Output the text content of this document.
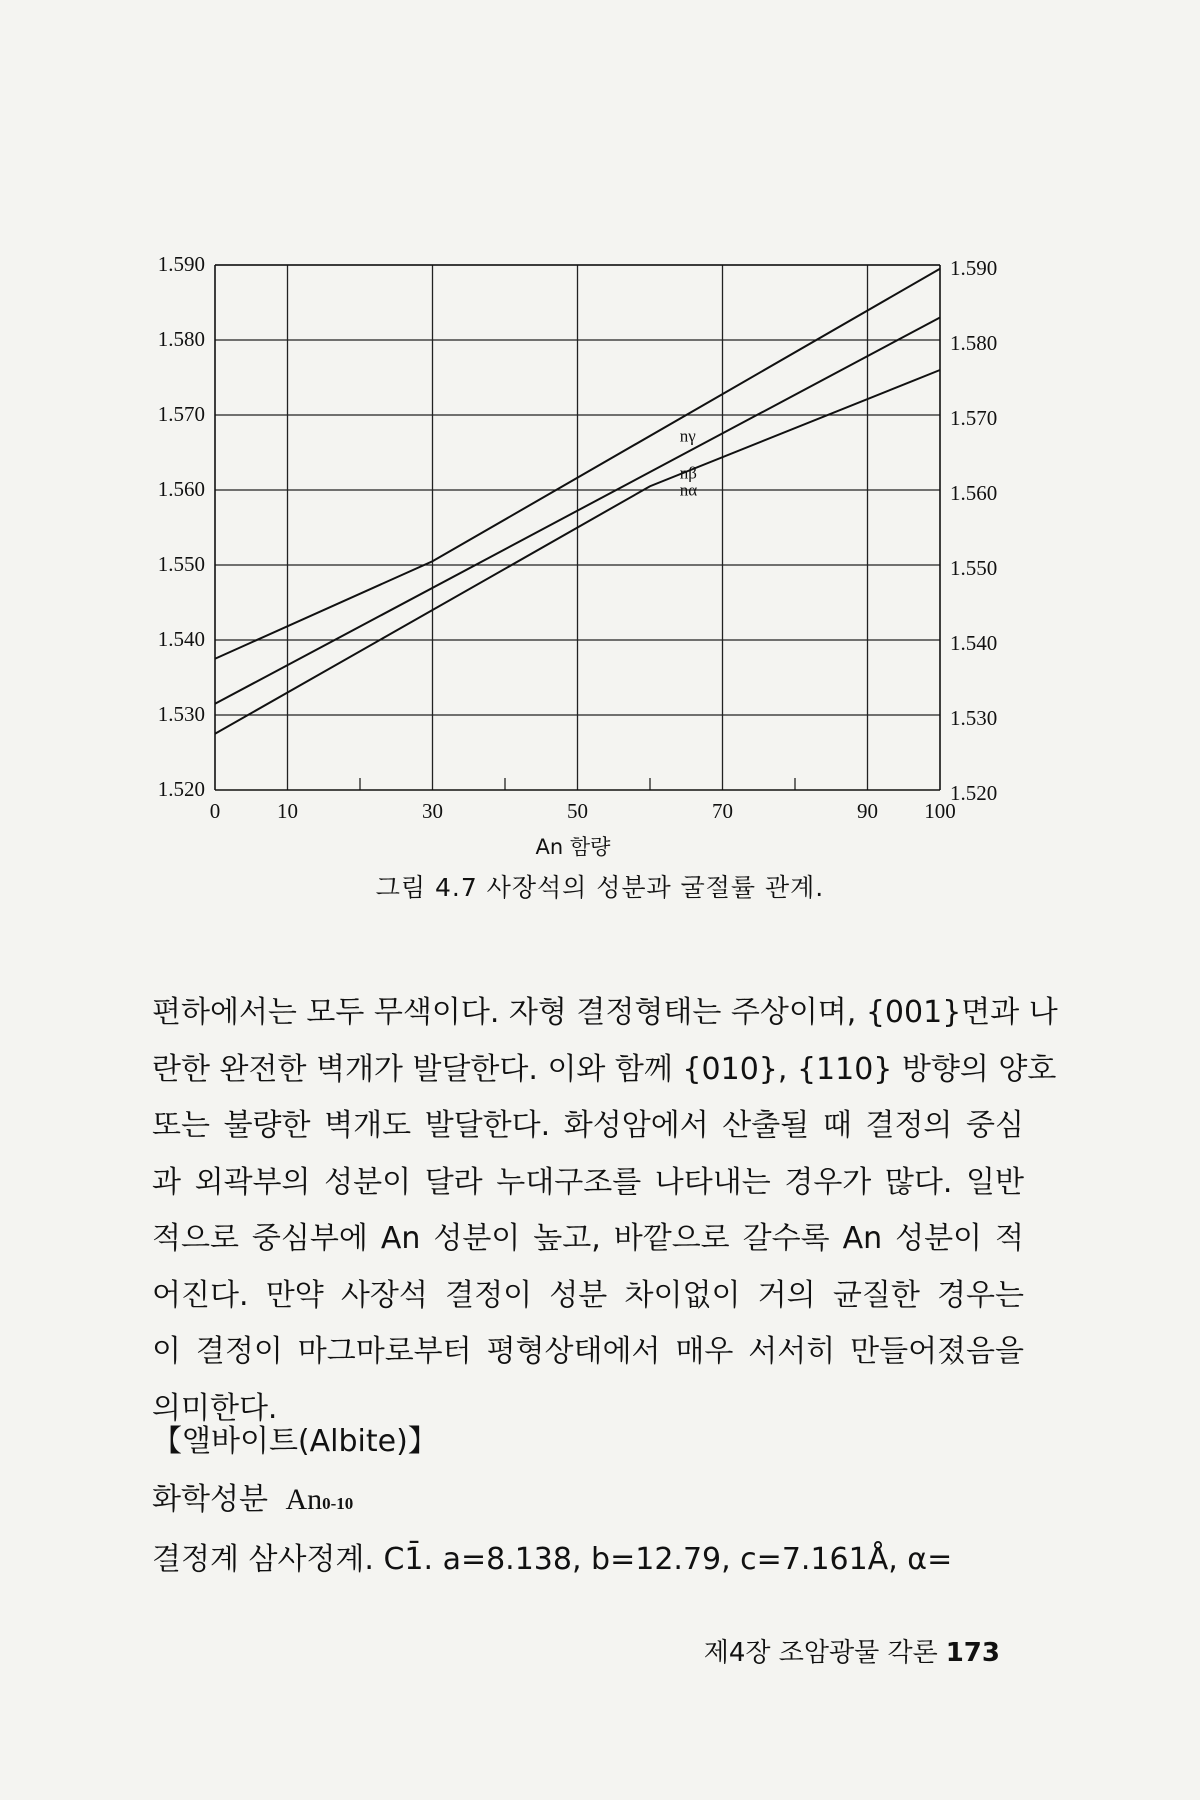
1.590
1.580
1.570
1.560
1.550
1.540
1.530
1.520
1.590
1.580
1.570
1.560
1.550
1.540
1.530
1.520
0	10	30	50	70	90 100
nγ
nβ
nα
An 함량
그림 4.7 사장석의 성분과 굴절률 관계.
편하에서는 모두 무색이다. 자형 결정형태는 주상이며, {001}면과 나
란한 완전한 벽개가 발달한다. 이와 함께 {010}, {110} 방향의 양호
또는 불량한 벽개도 발달한다. 화성암에서 산출될 때 결정의 중심
과 외곽부의 성분이 달라 누대구조를 나타내는 경우가 많다. 일반
적으로 중심부에 An 성분이 높고, 바깥으로 갈수록 An 성분이 적
어진다. 만약 사장석 결정이 성분 차이없이 거의 균질한 경우는
이 결정이 마그마로부터 평형상태에서 매우 서서히 만들어졌음을
의미한다.
【앨바이트(Albite)】
화학성분 An0-10
결정계 삼사정계. C1̄. a=8.138, b=12.79, c=7.161Å, α=
제4장 조암광물 각론 173
